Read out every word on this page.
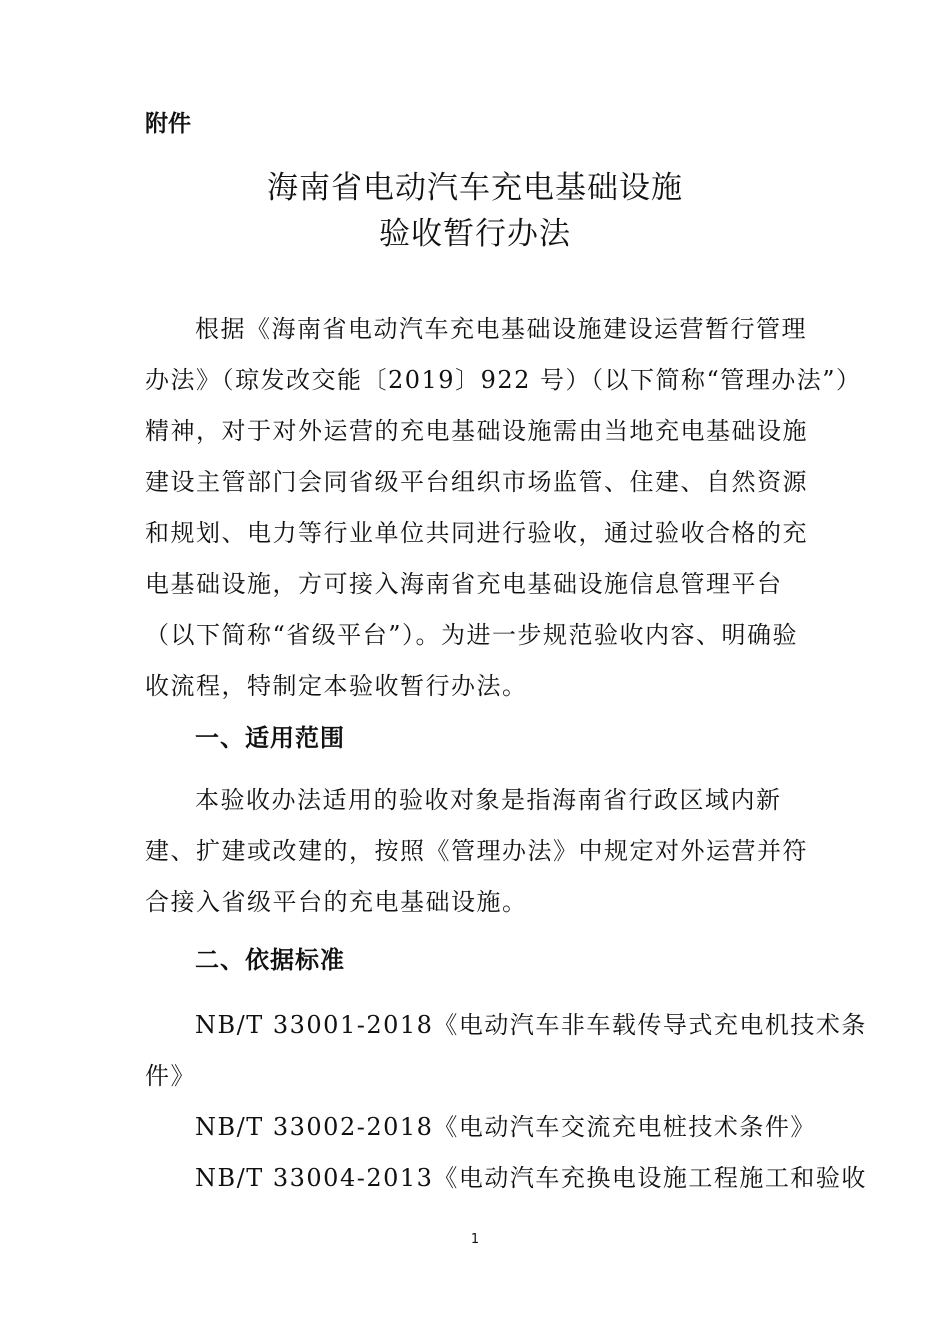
附件
海南省电动汽车充电基础设施
验收暂行办法
根据《海南省电动汽车充电基础设施建设运营暂行管理
办法》（琼发改交能〔2019〕922 号）（以下简称“管理办法”）
精神，对于对外运营的充电基础设施需由当地充电基础设施
建设主管部门会同省级平台组织市场监管、住建、自然资源
和规划、电力等行业单位共同进行验收，通过验收合格的充
电基础设施，方可接入海南省充电基础设施信息管理平台
（以下简称“省级平台”）。为进一步规范验收内容、明确验
收流程，特制定本验收暂行办法。
一、适用范围
本验收办法适用的验收对象是指海南省行政区域内新
建、扩建或改建的，按照《管理办法》中规定对外运营并符
合接入省级平台的充电基础设施。
二、依据标准
NB/T 33001-2018《电动汽车非车载传导式充电机技术条
件》
NB/T 33002-2018《电动汽车交流充电桩技术条件》
NB/T 33004-2013《电动汽车充换电设施工程施工和验收
1
